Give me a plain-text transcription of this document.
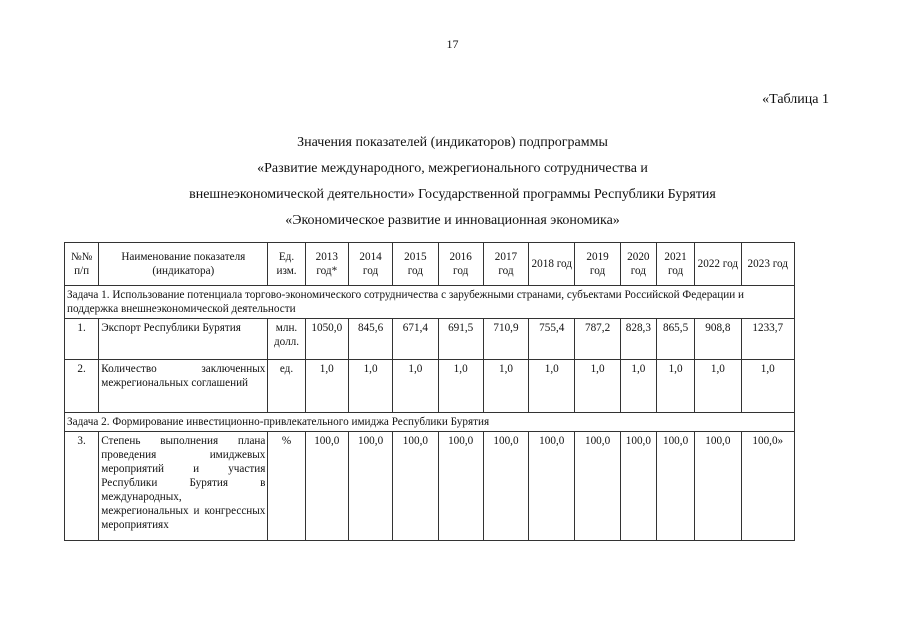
17
«Таблица 1
Значения показателей (индикаторов) подпрограммы
«Развитие международного, межрегионального сотрудничества и
внешнеэкономической деятельности» Государственной программы Республики Бурятия
«Экономическое развитие и инновационная экономика»
№№ п/п	Наименование показателя (индикатора)	Ед. изм.	2013 год*	2014 год	2015 год	2016 год	2017 год	2018 год	2019 год	2020 год	2021 год	2022 год	2023 год
Задача 1. Использование потенциала торгово-экономического сотрудничества с зарубежными странами, субъектами Российской Федерации и поддержка внешнеэкономической деятельности													
1.	Экспорт Республики Бурятия	млн. долл.	1050,0	845,6	671,4	691,5	710,9	755,4	787,2	828,3	865,5	908,8	1233,7
2.	Количество заключенных межрегиональных соглашений	ед.	1,0	1,0	1,0	1,0	1,0	1,0	1,0	1,0	1,0	1,0	1,0
Задача 2. Формирование инвестиционно-привлекательного имиджа Республики Бурятия													
3.	Степень выполнения плана проведения имиджевых мероприятий и участия Республики Бурятия в международных, межрегиональных и конгрессных мероприятиях	%	100,0	100,0	100,0	100,0	100,0	100,0	100,0	100,0	100,0	100,0	100,0»
